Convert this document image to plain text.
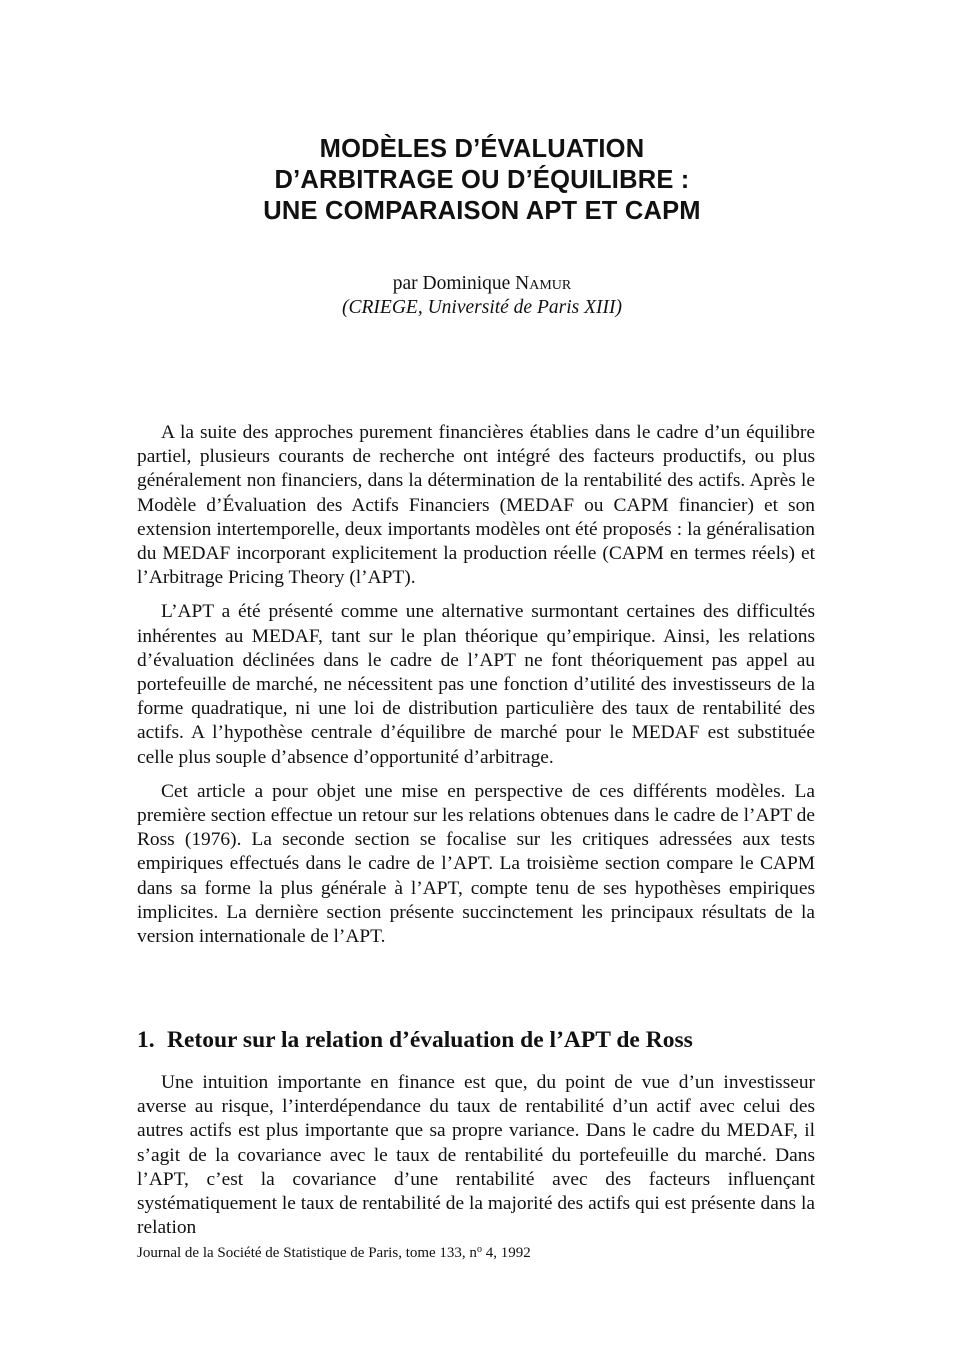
MODÈLES D’ÉVALUATION
D’ARBITRAGE OU D’ÉQUILIBRE :
UNE COMPARAISON APT ET CAPM
par Dominique Namur
(CRIEGE, Université de Paris XIII)

A la suite des approches purement financières établies dans le cadre d’un équilibre partiel, plusieurs courants de recherche ont intégré des facteurs productifs, ou plus généralement non financiers, dans la détermination de la rentabilité des actifs. Après le Modèle d’Évaluation des Actifs Financiers (MEDAF ou CAPM financier) et son extension intertemporelle, deux importants modèles ont été proposés : la généralisation du MEDAF incorporant explicitement la production réelle (CAPM en termes réels) et l’Arbitrage Pricing Theory (l’APT).

L’APT a été présenté comme une alternative surmontant certaines des difficultés inhérentes au MEDAF, tant sur le plan théorique qu’empirique. Ainsi, les relations d’évaluation déclinées dans le cadre de l’APT ne font théoriquement pas appel au portefeuille de marché, ne nécessitent pas une fonction d’utilité des investisseurs de la forme quadratique, ni une loi de distribution particulière des taux de rentabilité des actifs. A l’hypothèse centrale d’équilibre de marché pour le MEDAF est substituée celle plus souple d’absence d’opportunité d’arbitrage.

Cet article a pour objet une mise en perspective de ces différents modèles. La première section effectue un retour sur les relations obtenues dans le cadre de l’APT de Ross (1976). La seconde section se focalise sur les critiques adressées aux tests empiriques effectués dans le cadre de l’APT. La troisième section compare le CAPM dans sa forme la plus générale à l’APT, compte tenu de ses hypothèses empiriques implicites. La dernière section présente succinctement les principaux résultats de la version internationale de l’APT.

1. Retour sur la relation d’évaluation de l’APT de Ross

Une intuition importante en finance est que, du point de vue d’un investisseur averse au risque, l’interdépendance du taux de rentabilité d’un actif avec celui des autres actifs est plus importante que sa propre variance. Dans le cadre du MEDAF, il s’agit de la covariance avec le taux de rentabilité du portefeuille du marché. Dans l’APT, c’est la covariance d’une rentabilité avec des facteurs influençant systématiquement le taux de rentabilité de la majorité des actifs qui est présente dans la relation

Journal de la Société de Statistique de Paris, tome 133, $n^o$ 4, 1992
